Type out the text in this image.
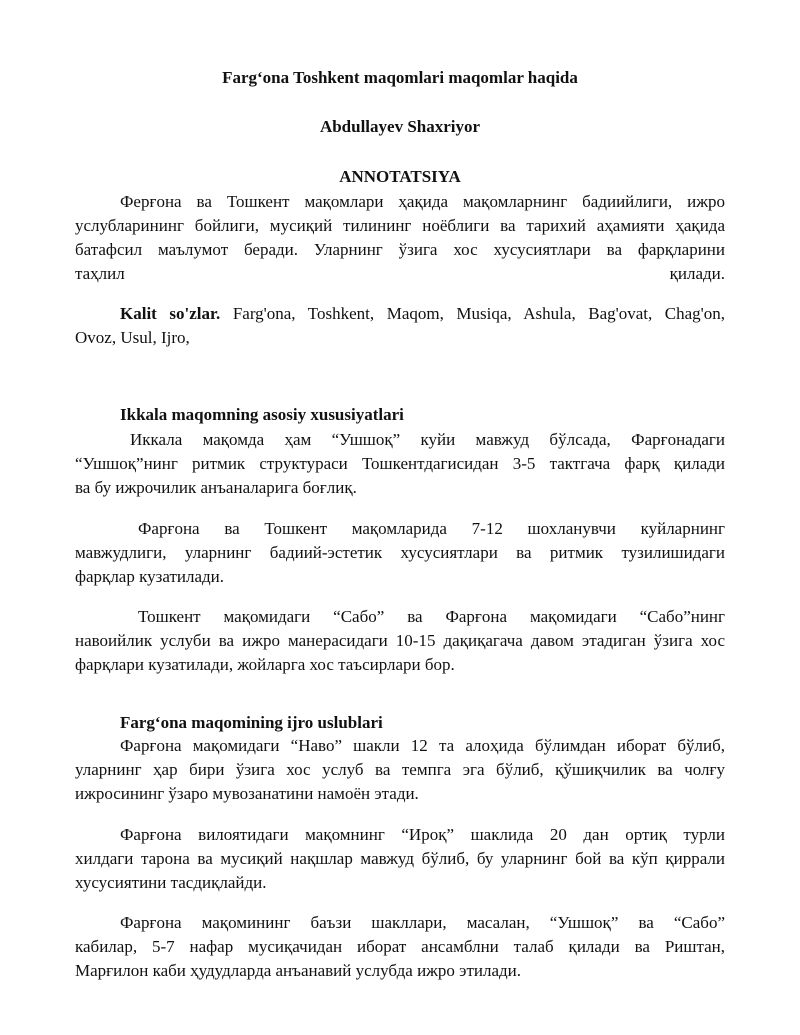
Farg‘ona Toshkent maqomlari maqomlar haqida
Abdullayev Shaxriyor
ANNOTATSIYA
Ферғона ва Тошкент мақомлари ҳақида мақомларнинг бадиийлиги, ижро
услубларининг бойлиги, мусиқий тилининг ноёблиги ва тарихий аҳамияти ҳақида
батафсил маълумот беради. Уларнинг ўзига хос хусусиятлари ва фарқларини
таҳлил	қилади.
Kalit so'zlar. Farg'ona, Toshkent, Maqom, Musiqa, Ashula, Bag'ovat, Chag'on,
Ovoz, Usul, Ijro,
Ikkala maqomning asosiy xususiyatlari
Иккала мақомда ҳам “Ушшоқ” куйи мавжуд бўлсада, Фарғонадаги
“Ушшоқ”нинг ритмик структураси Тошкентдагисидан 3-5 тактгача фарқ қилади
ва бу ижрочилик анъаналарига боғлиқ.
Фарғона ва Тошкент мақомларида 7-12 шохланувчи куйларнинг
мавжудлиги, уларнинг бадиий-эстетик хусусиятлари ва ритмик тузилишидаги
фарқлар кузатилади.
Тошкент мақомидаги “Сабо” ва Фарғона мақомидаги “Сабо”нинг
навоийлик услуби ва ижро манерасидаги 10-15 дақиқагача давом этадиган ўзига хос
фарқлари кузатилади, жойларга хос таъсирлари бор.
Farg‘ona maqomining ijro uslublari
Фарғона мақомидаги “Наво” шакли 12 та алоҳида бўлимдан иборат бўлиб,
уларнинг ҳар бири ўзига хос услуб ва темпга эга бўлиб, қўшиқчилик ва чолғу
ижросининг ўзаро мувозанатини намоён этади.
Фарғона вилоятидаги мақомнинг “Ироқ” шаклида 20 дан ортиқ турли
хилдаги тарона ва мусиқий нақшлар мавжуд бўлиб, бу уларнинг бой ва кўп қиррали
хусусиятини тасдиқлайди.
Фарғона мақомининг баъзи шакллари, масалан, “Ушшоқ” ва “Сабо”
кабилар, 5-7 нафар мусиқачидан иборат ансамблни талаб қилади ва Риштан,
Марғилон каби ҳудудларда анъанавий услубда ижро этилади.
